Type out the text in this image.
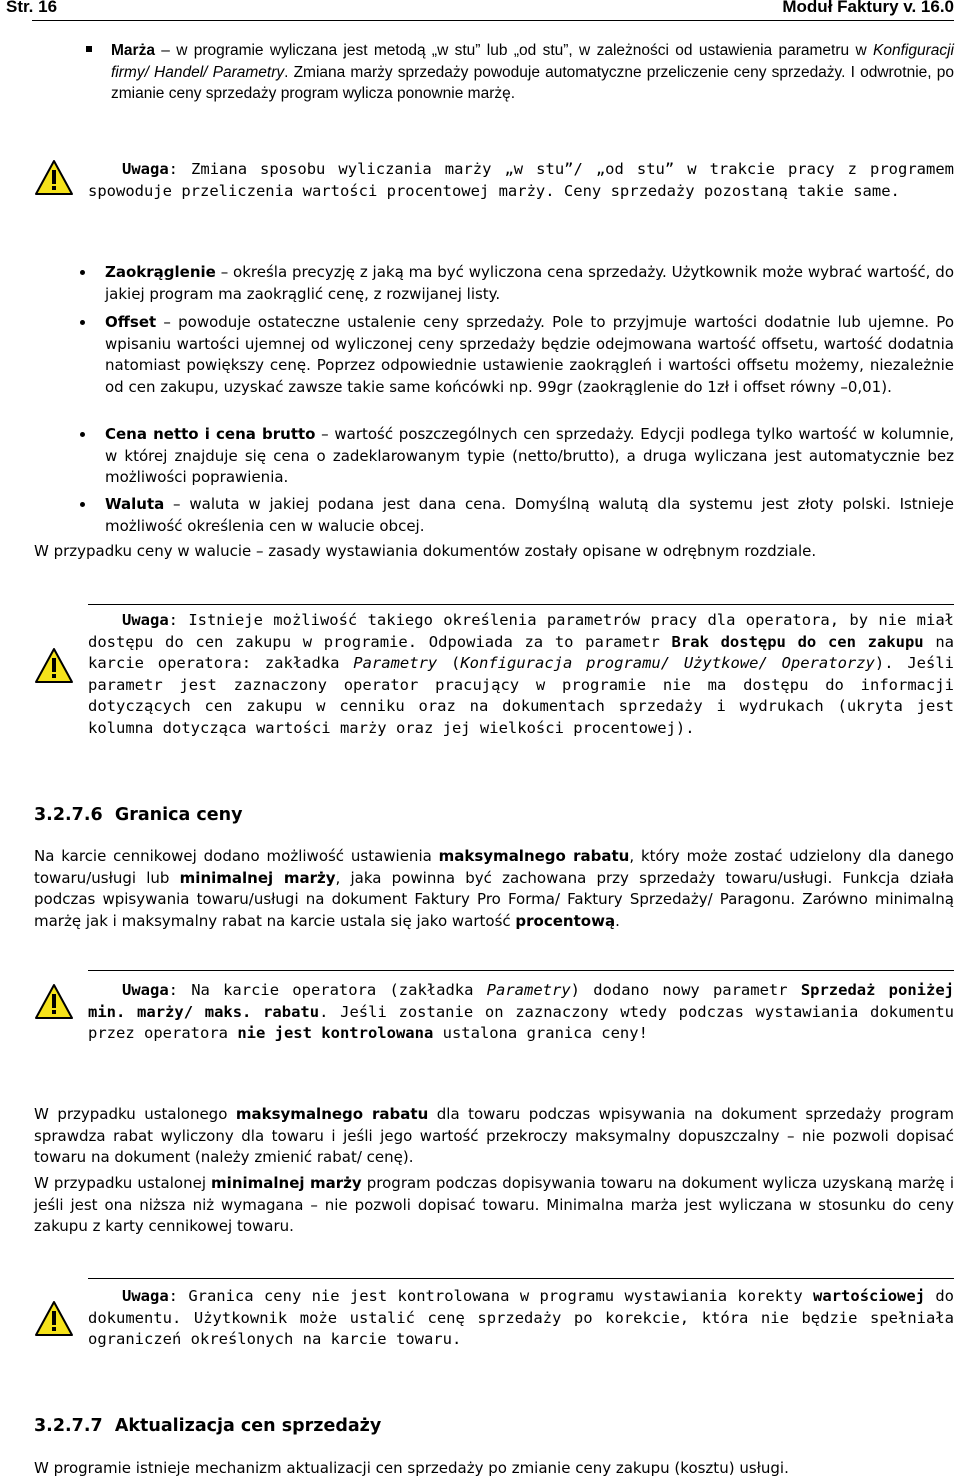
Str. 16	Moduł Faktury v. 16.0

Marża – w programie wyliczana jest metodą „w stu” lub „od stu”, w zależności od ustawienia parametru w Konfiguracji firmy/ Handel/ Parametry. Zmiana marży sprzedaży powoduje automatyczne przeliczenie ceny sprzedaży. I odwrotnie, po zmianie ceny sprzedaży program wylicza ponownie marżę.

Uwaga: Zmiana sposobu wyliczania marży „w stu”/ „od stu” w trakcie pracy z programem spowoduje przeliczenia wartości procentowej marży. Ceny sprzedaży pozostaną takie same.

Zaokrąglenie – określa precyzję z jaką ma być wyliczona cena sprzedaży. Użytkownik może wybrać wartość, do jakiej program ma zaokrąglić cenę, z rozwijanej listy.

Offset – powoduje ostateczne ustalenie ceny sprzedaży. Pole to przyjmuje wartości dodatnie lub ujemne. Po wpisaniu wartości ujemnej od wyliczonej ceny sprzedaży będzie odejmowana wartość offsetu, wartość dodatnia natomiast powiększy cenę. Poprzez odpowiednie ustawienie zaokrągleń i wartości offsetu możemy, niezależnie od cen zakupu, uzyskać zawsze takie same końcówki np. 99gr (zaokrąglenie do 1zł i offset równy –0,01).

Cena netto i cena brutto – wartość poszczególnych cen sprzedaży. Edycji podlega tylko wartość w kolumnie, w której znajduje się cena o zadeklarowanym typie (netto/brutto), a druga wyliczana jest automatycznie bez możliwości poprawienia.

Waluta – waluta w jakiej podana jest dana cena. Domyślną walutą dla systemu jest złoty polski. Istnieje możliwość określenia cen w walucie obcej.

W przypadku ceny w walucie – zasady wystawiania dokumentów zostały opisane w odrębnym rozdziale.

Uwaga: Istnieje możliwość takiego określenia parametrów pracy dla operatora, by nie miał dostępu do cen zakupu w programie. Odpowiada za to parametr Brak dostępu do cen zakupu na karcie operatora: zakładka Parametry (Konfiguracja programu/ Użytkowe/ Operatorzy). Jeśli parametr jest zaznaczony operator pracujący w programie nie ma dostępu do informacji dotyczących cen zakupu w cenniku oraz na dokumentach sprzedaży i wydrukach (ukryta jest kolumna dotycząca wartości marży oraz jej wielkości procentowej).

3.2.7.6 Granica ceny

Na karcie cennikowej dodano możliwość ustawienia maksymalnego rabatu, który może zostać udzielony dla danego towaru/usługi lub minimalnej marży, jaka powinna być zachowana przy sprzedaży towaru/usługi. Funkcja działa podczas wpisywania towaru/usługi na dokument Faktury Pro Forma/ Faktury Sprzedaży/ Paragonu. Zarówno minimalną marżę jak i maksymalny rabat na karcie ustala się jako wartość procentową.

Uwaga: Na karcie operatora (zakładka Parametry) dodano nowy parametr Sprzedaż poniżej min. marży/ maks. rabatu. Jeśli zostanie on zaznaczony wtedy podczas wystawiania dokumentu przez operatora nie jest kontrolowana ustalona granica ceny!

W przypadku ustalonego maksymalnego rabatu dla towaru podczas wpisywania na dokument sprzedaży program sprawdza rabat wyliczony dla towaru i jeśli jego wartość przekroczy maksymalny dopuszczalny – nie pozwoli dopisać towaru na dokument (należy zmienić rabat/ cenę).

W przypadku ustalonej minimalnej marży program podczas dopisywania towaru na dokument wylicza uzyskaną marżę i jeśli jest ona niższa niż wymagana – nie pozwoli dopisać towaru. Minimalna marża jest wyliczana w stosunku do ceny zakupu z karty cennikowej towaru.

Uwaga: Granica ceny nie jest kontrolowana w programu wystawiania korekty wartościowej do dokumentu. Użytkownik może ustalić cenę sprzedaży po korekcie, która nie będzie spełniała ograniczeń określonych na karcie towaru.

3.2.7.7 Aktualizacja cen sprzedaży

W programie istnieje mechanizm aktualizacji cen sprzedaży po zmianie ceny zakupu (kosztu) usługi.
